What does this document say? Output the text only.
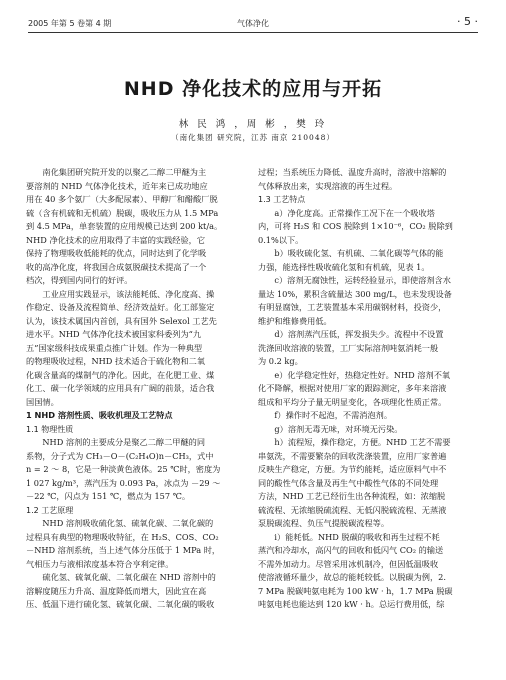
2005 年第 5 卷第 4 期	气体净化	· 5 ·
NHD 净化技术的应用与开拓
林 民 鸿 ，周 彬 ，樊 玲
（南化集团 研究院，江苏 南京 210048）
南化集团研究院开发的以聚乙二醇二甲醚为主
要溶剂的 NHD 气体净化技术，近年来已成功地应
用在 40 多个氨厂（大多配尿素）、甲醇厂和醋酸厂脱
硫（含有机硫和无机硫）脱碳，吸收压力从 1.5 MPa
到 4.5 MPa，单套装置的应用规模已达到 200 kt/a。
NHD 净化技术的应用取得了丰富的实践经验，它
保持了物理吸收低能耗的优点，同时达到了化学吸
收的高净化度，将我国合成氨脱碳技术提高了一个
档次，得到国内同行的好评。
工业应用实践显示，该法能耗低、净化度高、操
作稳定、设备及流程简单、经济效益好。化工部鉴定
认为，该技术属国内首创，具有国外 Selexol 工艺先
进水平。NHD 气体净化技术被国家科委列为“九
五”国家级科技成果重点推广计划。作为一种典型
的物理吸收过程，NHD 技术适合于硫化物和二氧
化碳含量高的煤制气的净化。因此，在化肥工业、煤
化工、碳一化学领域的应用具有广阔的前景，适合我
国国情。
1 NHD 溶剂性质、吸收机理及工艺特点
1.1 物理性质
NHD 溶剂的主要成分是聚乙二醇二甲醚的同
系物，分子式为 CH₃－O－(C₂H₄O)n－CH₃，式中
n = 2 ～ 8，它是一种淡黄色液体。25 ℃时，密度为
1 027 kg/m³，蒸汽压为 0.093 Pa，冰点为 －29 ～
－22 ℃，闪点为 151 ℃，燃点为 157 ℃。
1.2 工艺原理
NHD 溶剂吸收硫化氢、硫氧化碳、二氧化碳的
过程具有典型的物理吸收特征，在 H₂S、COS、CO₂
－NHD 溶剂系统，当上述气体分压低于 1 MPa 时，
气相压力与液相浓度基本符合亨利定律。
硫化氢、硫氧化碳、二氧化碳在 NHD 溶剂中的
溶解度随压力升高、温度降低而增大，因此宜在高
压、低温下进行硫化氢、硫氧化碳、二氧化碳的吸收
过程；当系统压力降低、温度升高时，溶液中溶解的
气体释放出来，实现溶液的再生过程。
1.3 工艺特点
a）净化度高。正常操作工况下在一个吸收塔
内，可将 H₂S 和 COS 脱除到 1×10⁻⁶，CO₂ 脱除到
0.1%以下。
b）吸收硫化氢、有机硫、二氧化碳等气体的能
力强，能选择性吸收硫化氢和有机硫，见表 1。
c）溶剂无腐蚀性，运转经验显示，即使溶剂含水
量达 10%，累积含硫量达 300 mg/L，也未发现设备
有明显腐蚀，工艺装置基本采用碳钢材料，投资少，
维护和维修费用低。
d）溶剂蒸汽压低，挥发损失少。流程中不设置
洗涤回收溶液的装置，工厂实际溶剂吨氨消耗一般
为 0.2 kg。
e）化学稳定性好，热稳定性好。NHD 溶剂不氧
化不降解，根据对使用厂家的跟踪测定，多年来溶液
组成和平均分子量无明显变化，各项理化性质正常。
f）操作时不起泡，不需消泡剂。
g）溶剂无毒无味，对环境无污染。
h）流程短，操作稳定，方便。NHD 工艺不需要
串氨洗，不需要繁杂的回收洗涤装置，应用厂家普遍
反映生产稳定，方便。为节约能耗，适应原料气中不
同的酸性气体含量及再生气中酸性气体的不同处理
方法，NHD 工艺已经衍生出各种流程，如：浓缩脱
硫流程、无浓缩脱硫流程、无低闪脱硫流程、无蒸液
泵脱碳流程、负压气提脱碳流程等。
i）能耗低。NHD 脱碳的吸收和再生过程不耗
蒸汽和冷却水，高闪气的回收和低闪气 CO₂ 的输送
不需外加动力。尽管采用冰机制冷，但因低温吸收
使溶液循环量少，故总的能耗较低。以脱碳为例，2.
7 MPa 脱碳吨氨电耗为 100 kW · h，1.7 MPa 脱碳
吨氨电耗也能达到 120 kW · h。总运行费用低，综
